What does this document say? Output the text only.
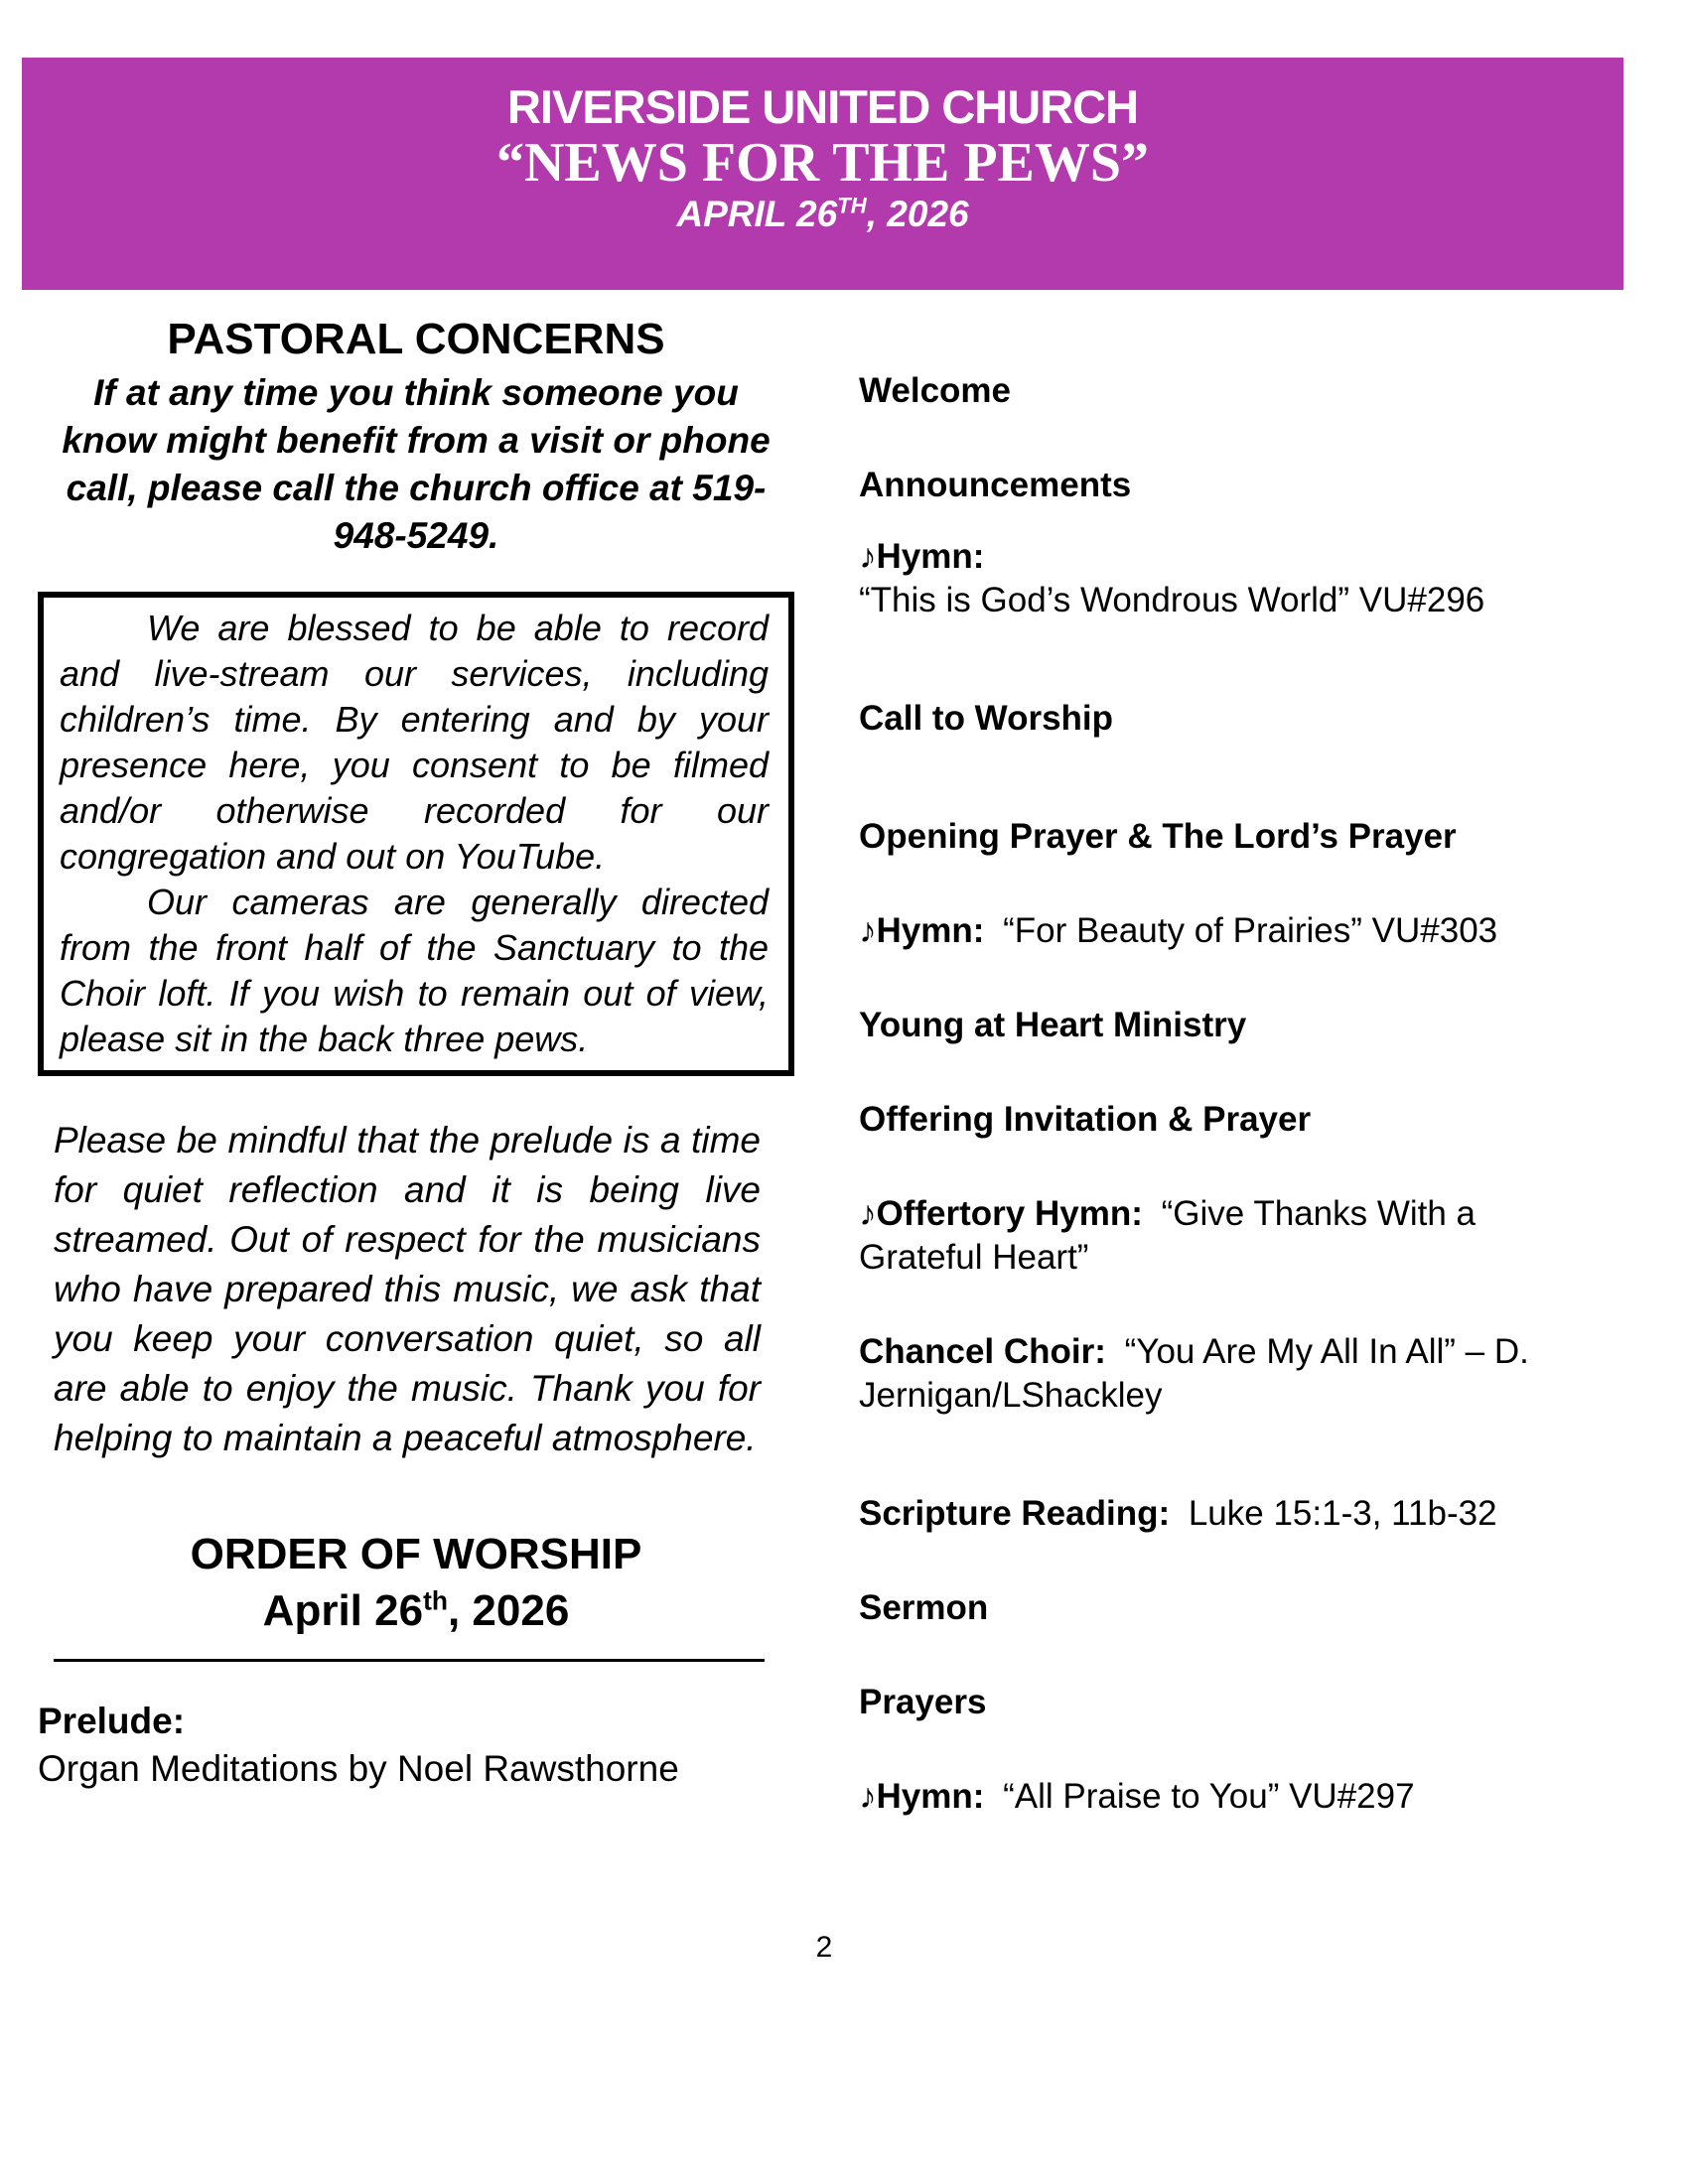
RIVERSIDE UNITED CHURCH
“NEWS FOR THE PEWS”
APRIL 26TH, 2026
PASTORAL CONCERNS

If at any time you think someone you know might benefit from a visit or phone call, please call the church office at 519-948-5249.

We are blessed to be able to record and live-stream our services, including children’s time. By entering and by your presence here, you consent to be filmed and/or otherwise recorded for our congregation and out on YouTube.

Our cameras are generally directed from the front half of the Sanctuary to the Choir loft. If you wish to remain out of view, please sit in the back three pews.

Please be mindful that the prelude is a time for quiet reflection and it is being live streamed. Out of respect for the musicians who have prepared this music, we ask that you keep your conversation quiet, so all are able to enjoy the music. Thank you for helping to maintain a peaceful atmosphere.

ORDER OF WORSHIP
April 26th, 2026

Prelude:
Organ Meditations by Noel Rawsthorne

Welcome
Announcements
♪Hymn:
“This is God’s Wondrous World” VU#296
Call to Worship
Opening Prayer & The Lord’s Prayer
♪Hymn: “For Beauty of Prairies” VU#303
Young at Heart Ministry
Offering Invitation & Prayer
♪Offertory Hymn: “Give Thanks With a Grateful Heart”
Chancel Choir: “You Are My All In All” – D. Jernigan/LShackley
Scripture Reading: Luke 15:1-3, 11b-32
Sermon
Prayers
♪Hymn: “All Praise to You” VU#297
2
